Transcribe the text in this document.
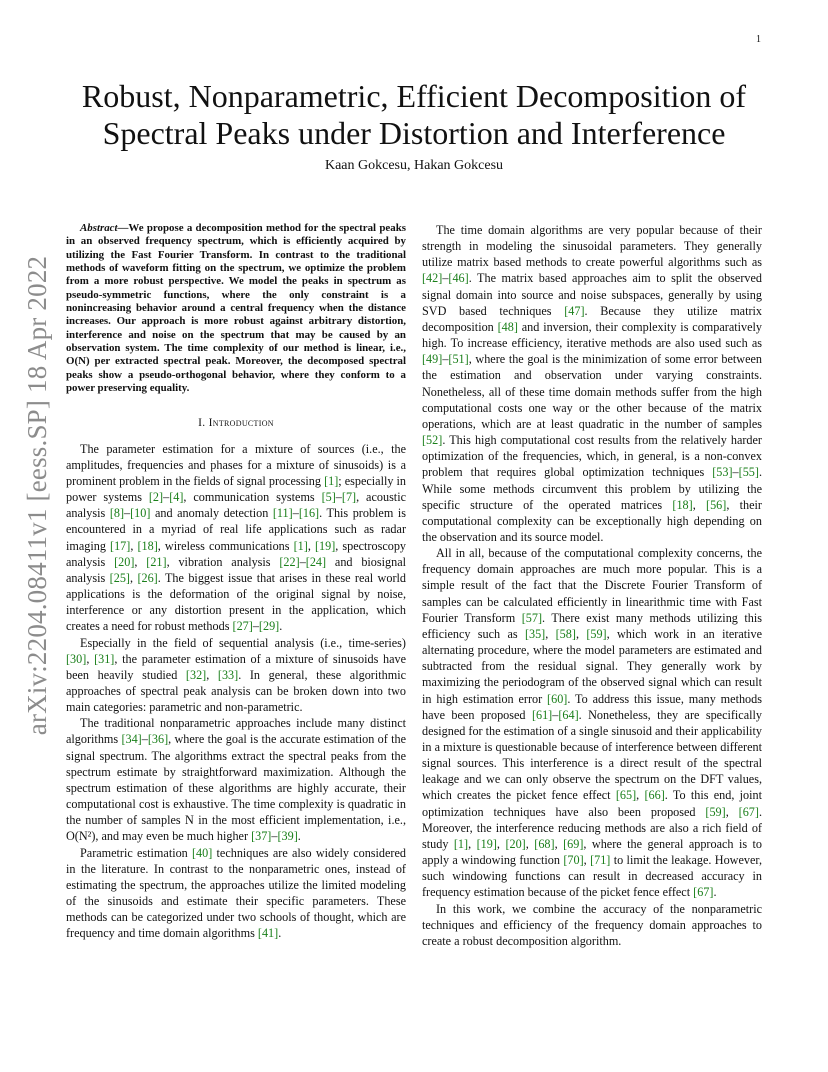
1
arXiv:2204.08411v1 [eess.SP] 18 Apr 2022
Robust, Nonparametric, Efficient Decomposition of Spectral Peaks under Distortion and Interference
Kaan Gokcesu, Hakan Gokcesu

Abstract—We propose a decomposition method for the spectral peaks in an observed frequency spectrum, which is efficiently acquired by utilizing the Fast Fourier Transform. In contrast to the traditional methods of waveform fitting on the spectrum, we optimize the problem from a more robust perspective. We model the peaks in spectrum as pseudo-symmetric functions, where the only constraint is a nonincreasing behavior around a central frequency when the distance increases. Our approach is more robust against arbitrary distortion, interference and noise on the spectrum that may be caused by an observation system. The time complexity of our method is linear, i.e., O(N) per extracted spectral peak. Moreover, the decomposed spectral peaks show a pseudo-orthogonal behavior, where they conform to a power preserving equality.

I. Introduction

The parameter estimation for a mixture of sources (i.e., the amplitudes, frequencies and phases for a mixture of sinusoids) is a prominent problem in the fields of signal processing [1]; especially in power systems [2]–[4], communication systems [5]–[7], acoustic analysis [8]–[10] and anomaly detection [11]–[16]. This problem is encountered in a myriad of real life applications such as radar imaging [17], [18], wireless communications [1], [19], spectroscopy analysis [20], [21], vibration analysis [22]–[24] and biosignal analysis [25], [26]. The biggest issue that arises in these real world applications is the deformation of the original signal by noise, interference or any distortion present in the application, which creates a need for robust methods [27]–[29].

Especially in the field of sequential analysis (i.e., time-series) [30], [31], the parameter estimation of a mixture of sinusoids have been heavily studied [32], [33]. In general, these algorithmic approaches of spectral peak analysis can be broken down into two main categories: parametric and non-parametric.

The traditional nonparametric approaches include many distinct algorithms [34]–[36], where the goal is the accurate estimation of the signal spectrum. The algorithms extract the spectral peaks from the spectrum estimate by straightforward maximization. Although the spectrum estimation of these algorithms are highly accurate, their computational cost is exhaustive. The time complexity is quadratic in the number of samples N in the most efficient implementation, i.e., O(N²), and may even be much higher [37]–[39].

Parametric estimation [40] techniques are also widely considered in the literature. In contrast to the nonparametric ones, instead of estimating the spectrum, the approaches utilize the limited modeling of the sinusoids and estimate their specific parameters. These methods can be categorized under two schools of thought, which are frequency and time domain algorithms [41].

The time domain algorithms are very popular because of their strength in modeling the sinusoidal parameters. They generally utilize matrix based methods to create powerful algorithms such as [42]–[46]. The matrix based approaches aim to split the observed signal domain into source and noise subspaces, generally by using SVD based techniques [47]. Because they utilize matrix decomposition [48] and inversion, their complexity is comparatively high. To increase efficiency, iterative methods are also used such as [49]–[51], where the goal is the minimization of some error between the estimation and observation under varying constraints. Nonetheless, all of these time domain methods suffer from the high computational costs one way or the other because of the matrix operations, which are at least quadratic in the number of samples [52]. This high computational cost results from the relatively harder optimization of the frequencies, which, in general, is a non-convex problem that requires global optimization techniques [53]–[55]. While some methods circumvent this problem by utilizing the specific structure of the operated matrices [18], [56], their computational complexity can be exceptionally high depending on the observation and its source model.

All in all, because of the computational complexity concerns, the frequency domain approaches are much more popular. This is a simple result of the fact that the Discrete Fourier Transform of samples can be calculated efficiently in linearithmic time with Fast Fourier Transform [57]. There exist many methods utilizing this efficiency such as [35], [58], [59], which work in an iterative alternating procedure, where the model parameters are estimated and subtracted from the residual signal. They generally work by maximizing the periodogram of the observed signal which can result in high estimation error [60]. To address this issue, many methods have been proposed [61]–[64]. Nonetheless, they are specifically designed for the estimation of a single sinusoid and their applicability in a mixture is questionable because of interference between different signal sources. This interference is a direct result of the spectral leakage and we can only observe the spectrum on the DFT values, which creates the picket fence effect [65], [66]. To this end, joint optimization techniques have also been proposed [59], [67]. Moreover, the interference reducing methods are also a rich field of study [1], [19], [20], [68], [69], where the general approach is to apply a windowing function [70], [71] to limit the leakage. However, such windowing functions can result in decreased accuracy in frequency estimation because of the picket fence effect [67].

In this work, we combine the accuracy of the nonparametric techniques and efficiency of the frequency domain approaches to create a robust decomposition algorithm.
